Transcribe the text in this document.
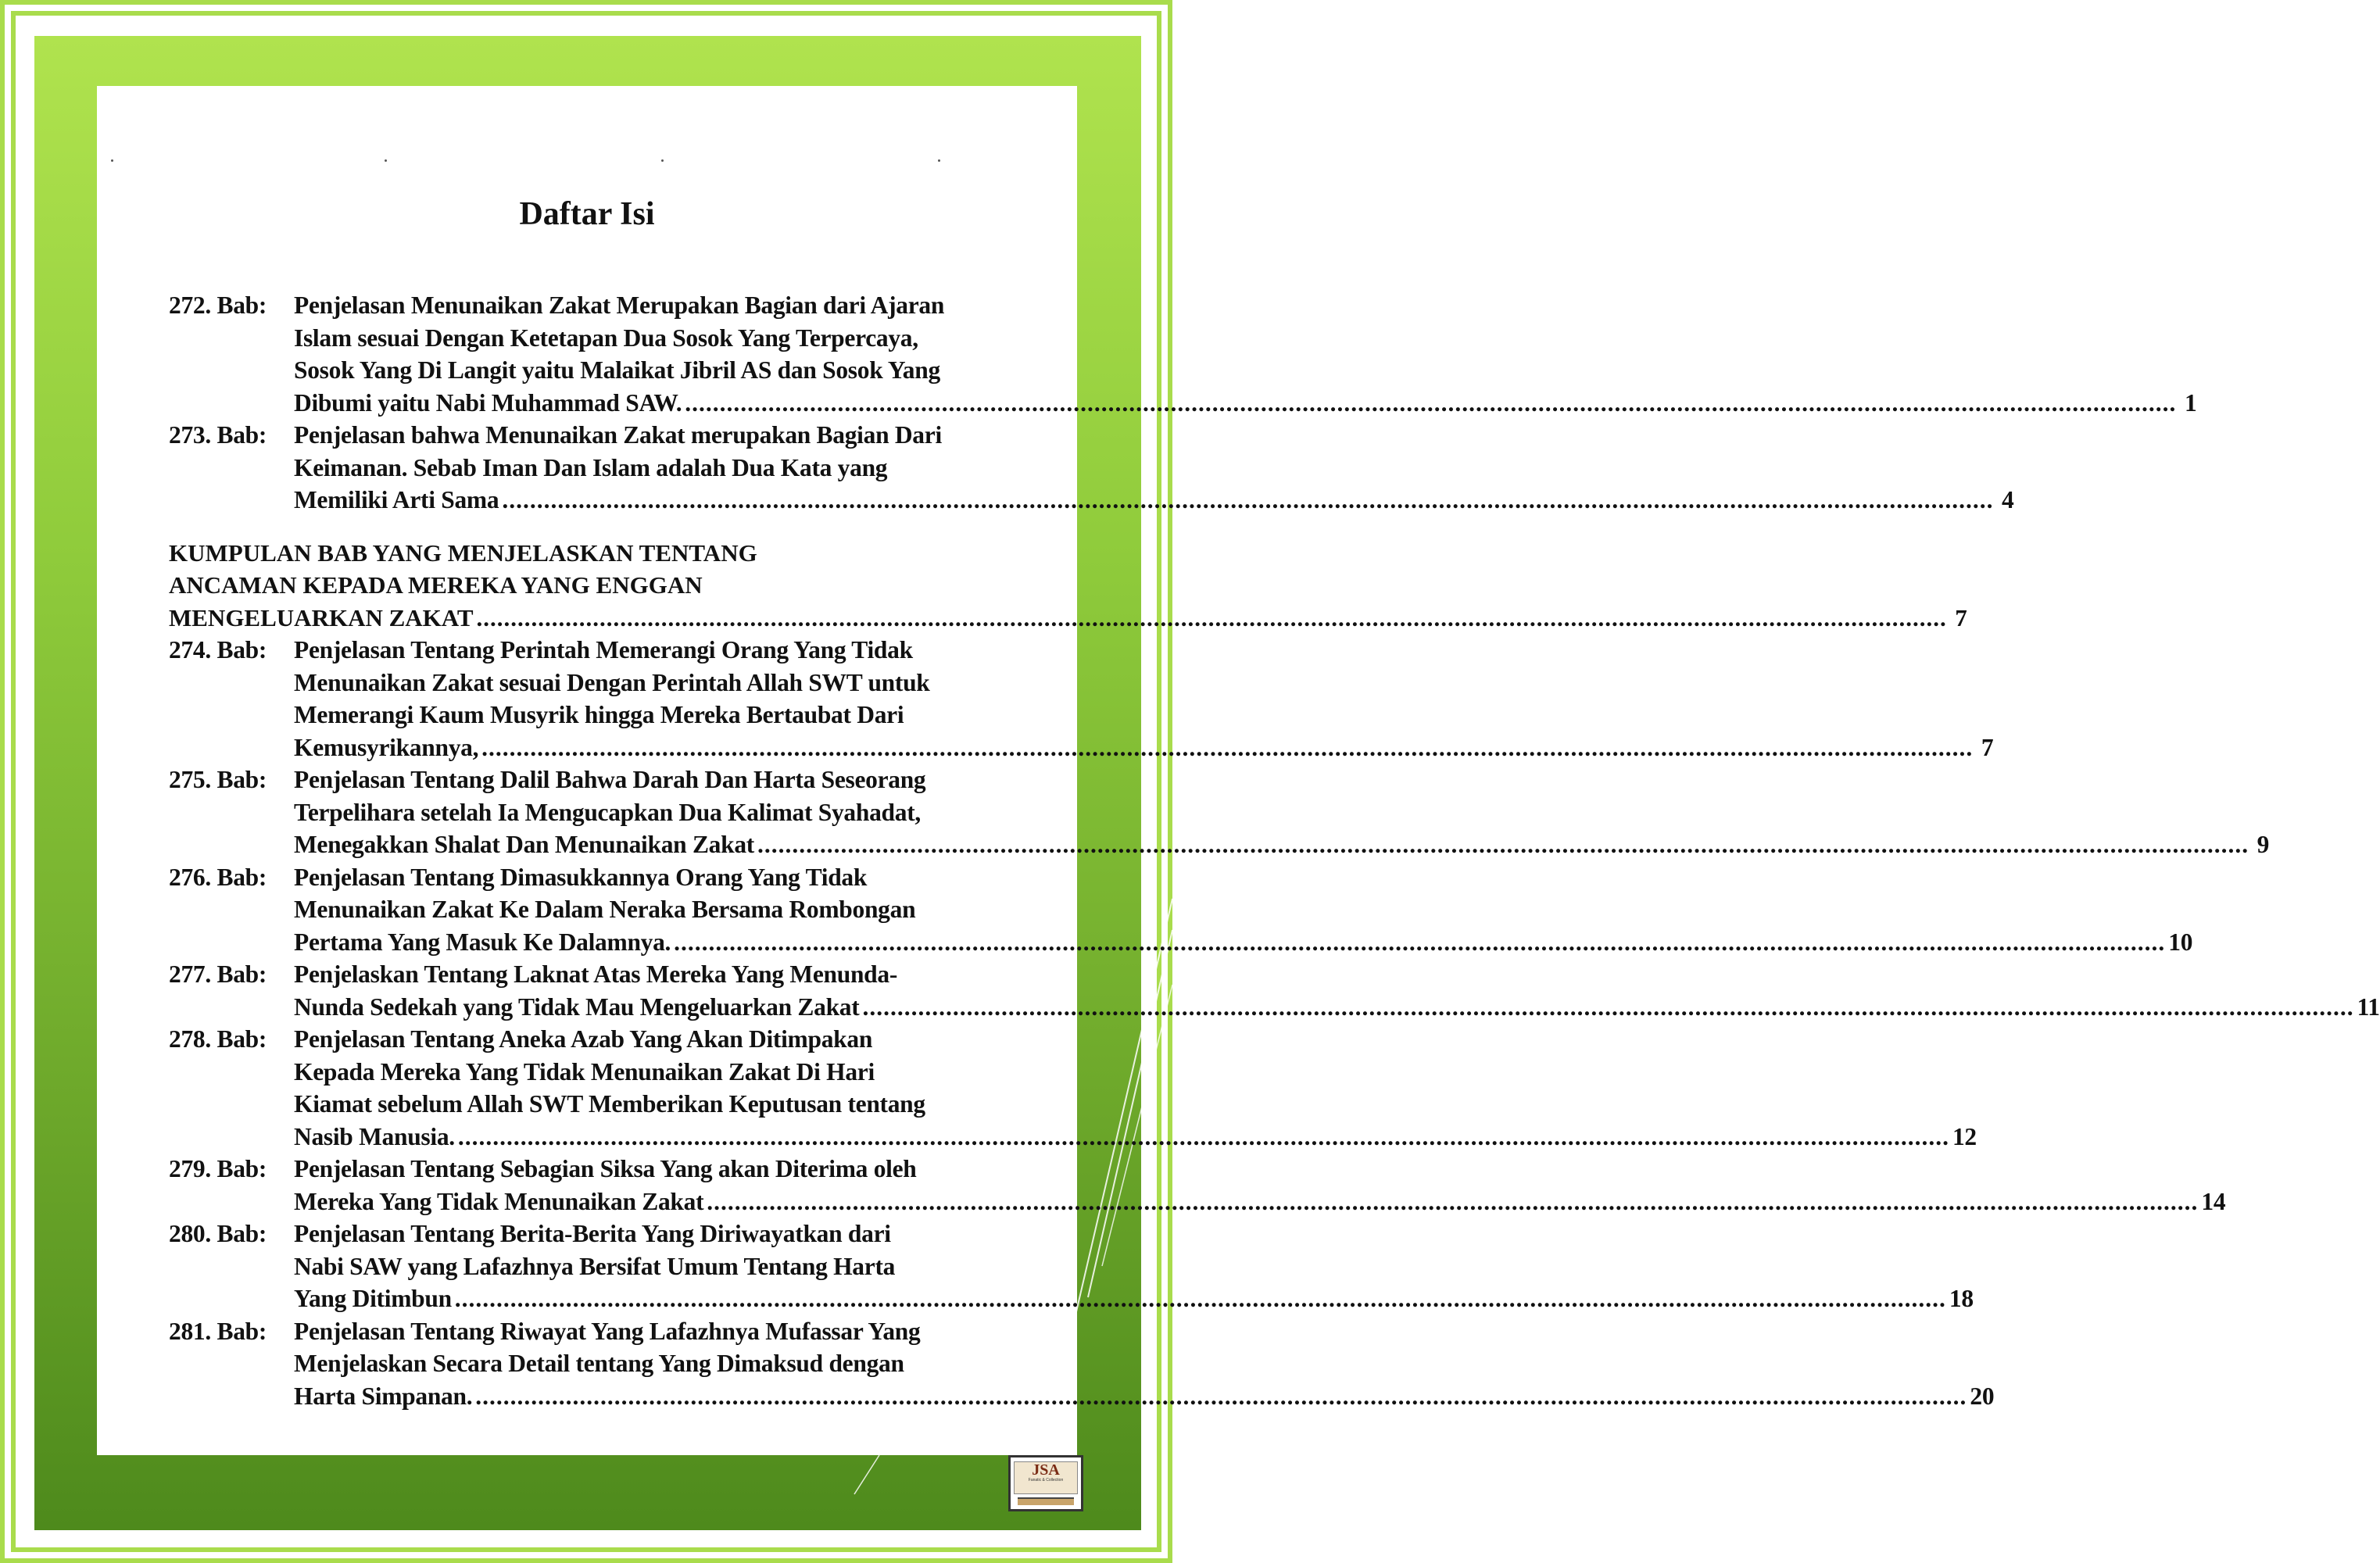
Daftar Isi
272. Bab:	Penjelasan Menunaikan Zakat Merupakan Bagian dari Ajaran
Islam sesuai Dengan Ketetapan Dua Sosok Yang Terpercaya,
Sosok Yang Di Langit yaitu Malaikat Jibril AS dan Sosok Yang
Dibumi yaitu Nabi Muhammad SAW. .....	1
273. Bab:	Penjelasan bahwa Menunaikan Zakat merupakan Bagian Dari
Keimanan. Sebab Iman Dan Islam adalah Dua Kata yang
Memiliki Arti Sama .....	4
KUMPULAN BAB YANG MENJELASKAN TENTANG
ANCAMAN KEPADA MEREKA YANG ENGGAN
MENGELUARKAN ZAKAT .....	7
274. Bab:	Penjelasan Tentang Perintah Memerangi Orang Yang Tidak
Menunaikan Zakat sesuai Dengan Perintah Allah SWT untuk
Memerangi Kaum Musyrik hingga Mereka Bertaubat Dari
Kemusyrikannya, .....	7
275. Bab:	Penjelasan Tentang Dalil Bahwa Darah Dan Harta Seseorang
Terpelihara setelah Ia Mengucapkan Dua Kalimat Syahadat,
Menegakkan Shalat Dan Menunaikan Zakat .....	9
276. Bab:	Penjelasan Tentang Dimasukkannya Orang Yang Tidak
Menunaikan Zakat Ke Dalam Neraka Bersama Rombongan
Pertama Yang Masuk Ke Dalamnya. .....	10
277. Bab:	Penjelaskan Tentang Laknat Atas Mereka Yang Menunda-
Nunda Sedekah yang Tidak Mau Mengeluarkan Zakat .....	11
278. Bab:	Penjelasan Tentang Aneka Azab Yang Akan Ditimpakan
Kepada Mereka Yang Tidak Menunaikan Zakat Di Hari
Kiamat sebelum Allah SWT Memberikan Keputusan tentang
Nasib Manusia. .....	12
279. Bab:	Penjelasan Tentang Sebagian Siksa Yang akan Diterima oleh
Mereka Yang Tidak Menunaikan Zakat .....	14
280. Bab:	Penjelasan Tentang Berita-Berita Yang Diriwayatkan dari
Nabi SAW yang Lafazhnya Bersifat Umum Tentang Harta
Yang Ditimbun .....	18
281. Bab:	Penjelasan Tentang Riwayat Yang Lafazhnya Mufassar Yang
Menjelaskan Secara Detail tentang Yang Dimaksud dengan
Harta Simpanan. .....	20
JSA
Fanatic & Collection
